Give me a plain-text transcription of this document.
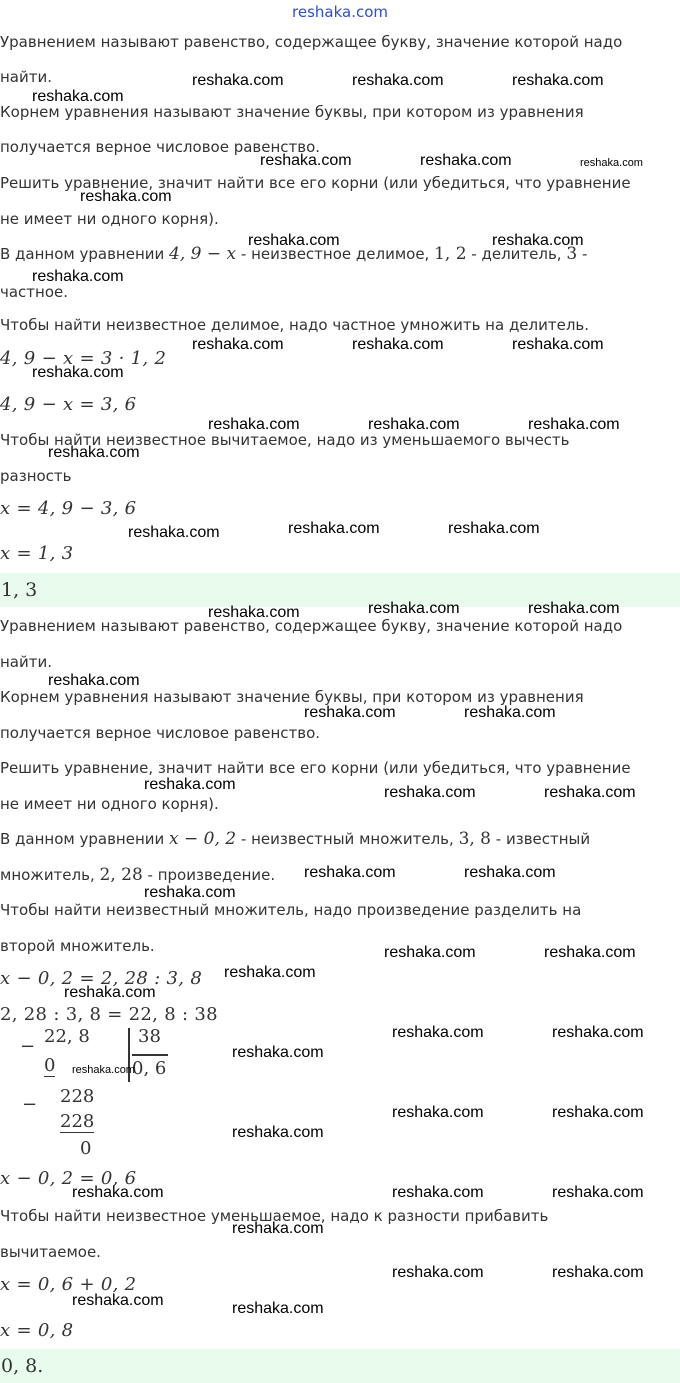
reshaka.com
Уравнением называют равенство, содержащее букву, значение которой надо
найти.
Корнем уравнения называют значение буквы, при котором из уравнения
получается верное числовое равенство.
Решить уравнение, значит найти все его корни (или убедиться, что уравнение
не имеет ни одного корня).
В данном уравнении 4, 9 − x - неизвестное делимое, 1, 2 - делитель, 3 -
частное.
Чтобы найти неизвестное делимое, надо частное умножить на делитель.
4, 9 − x = 3 · 1, 2
4, 9 − x = 3, 6
Чтобы найти неизвестное вычитаемое, надо из уменьшаемого вычесть
разность
x = 4, 9 − 3, 6
x = 1, 3
1, 3
Уравнением называют равенство, содержащее букву, значение которой надо
найти.
Корнем уравнения называют значение буквы, при котором из уравнения
получается верное числовое равенство.
Решить уравнение, значит найти все его корни (или убедиться, что уравнение
не имеет ни одного корня).
В данном уравнении x − 0, 2 - неизвестный множитель, 3, 8 - известный
множитель, 2, 28 - произведение.
Чтобы найти неизвестный множитель, надо произведение разделить на
второй множитель.
x − 0, 2 = 2, 28 : 3, 8
2, 28 : 3, 8 = 22, 8 : 38
− 22, 8
0
38
0, 6
− 228
228
0
x − 0, 2 = 0, 6
Чтобы найти неизвестное уменьшаемое, надо к разности прибавить
вычитаемое.
x = 0, 6 + 0, 2
x = 0, 8
0, 8.
reshaka.com	reshaka.com	reshaka.com
reshaka.com
reshaka.com	reshaka.com	reshaka.com
reshaka.com
reshaka.com	reshaka.com
reshaka.com
reshaka.com	reshaka.com	reshaka.com
reshaka.com
reshaka.com	reshaka.com	reshaka.com
reshaka.com
reshaka.com	reshaka.com
reshaka.com
reshaka.com	reshaka.com
reshaka.com
reshaka.com
reshaka.com	reshaka.com
reshaka.com	reshaka.com	reshaka.com
reshaka.com	reshaka.com
reshaka.com
reshaka.com	reshaka.com
reshaka.com
reshaka.com
reshaka.com	reshaka.com
reshaka.com
reshaka.com
reshaka.com	reshaka.com
reshaka.com
reshaka.com	reshaka.com	reshaka.com
reshaka.com
reshaka.com	reshaka.com
reshaka.com	reshaka.com
